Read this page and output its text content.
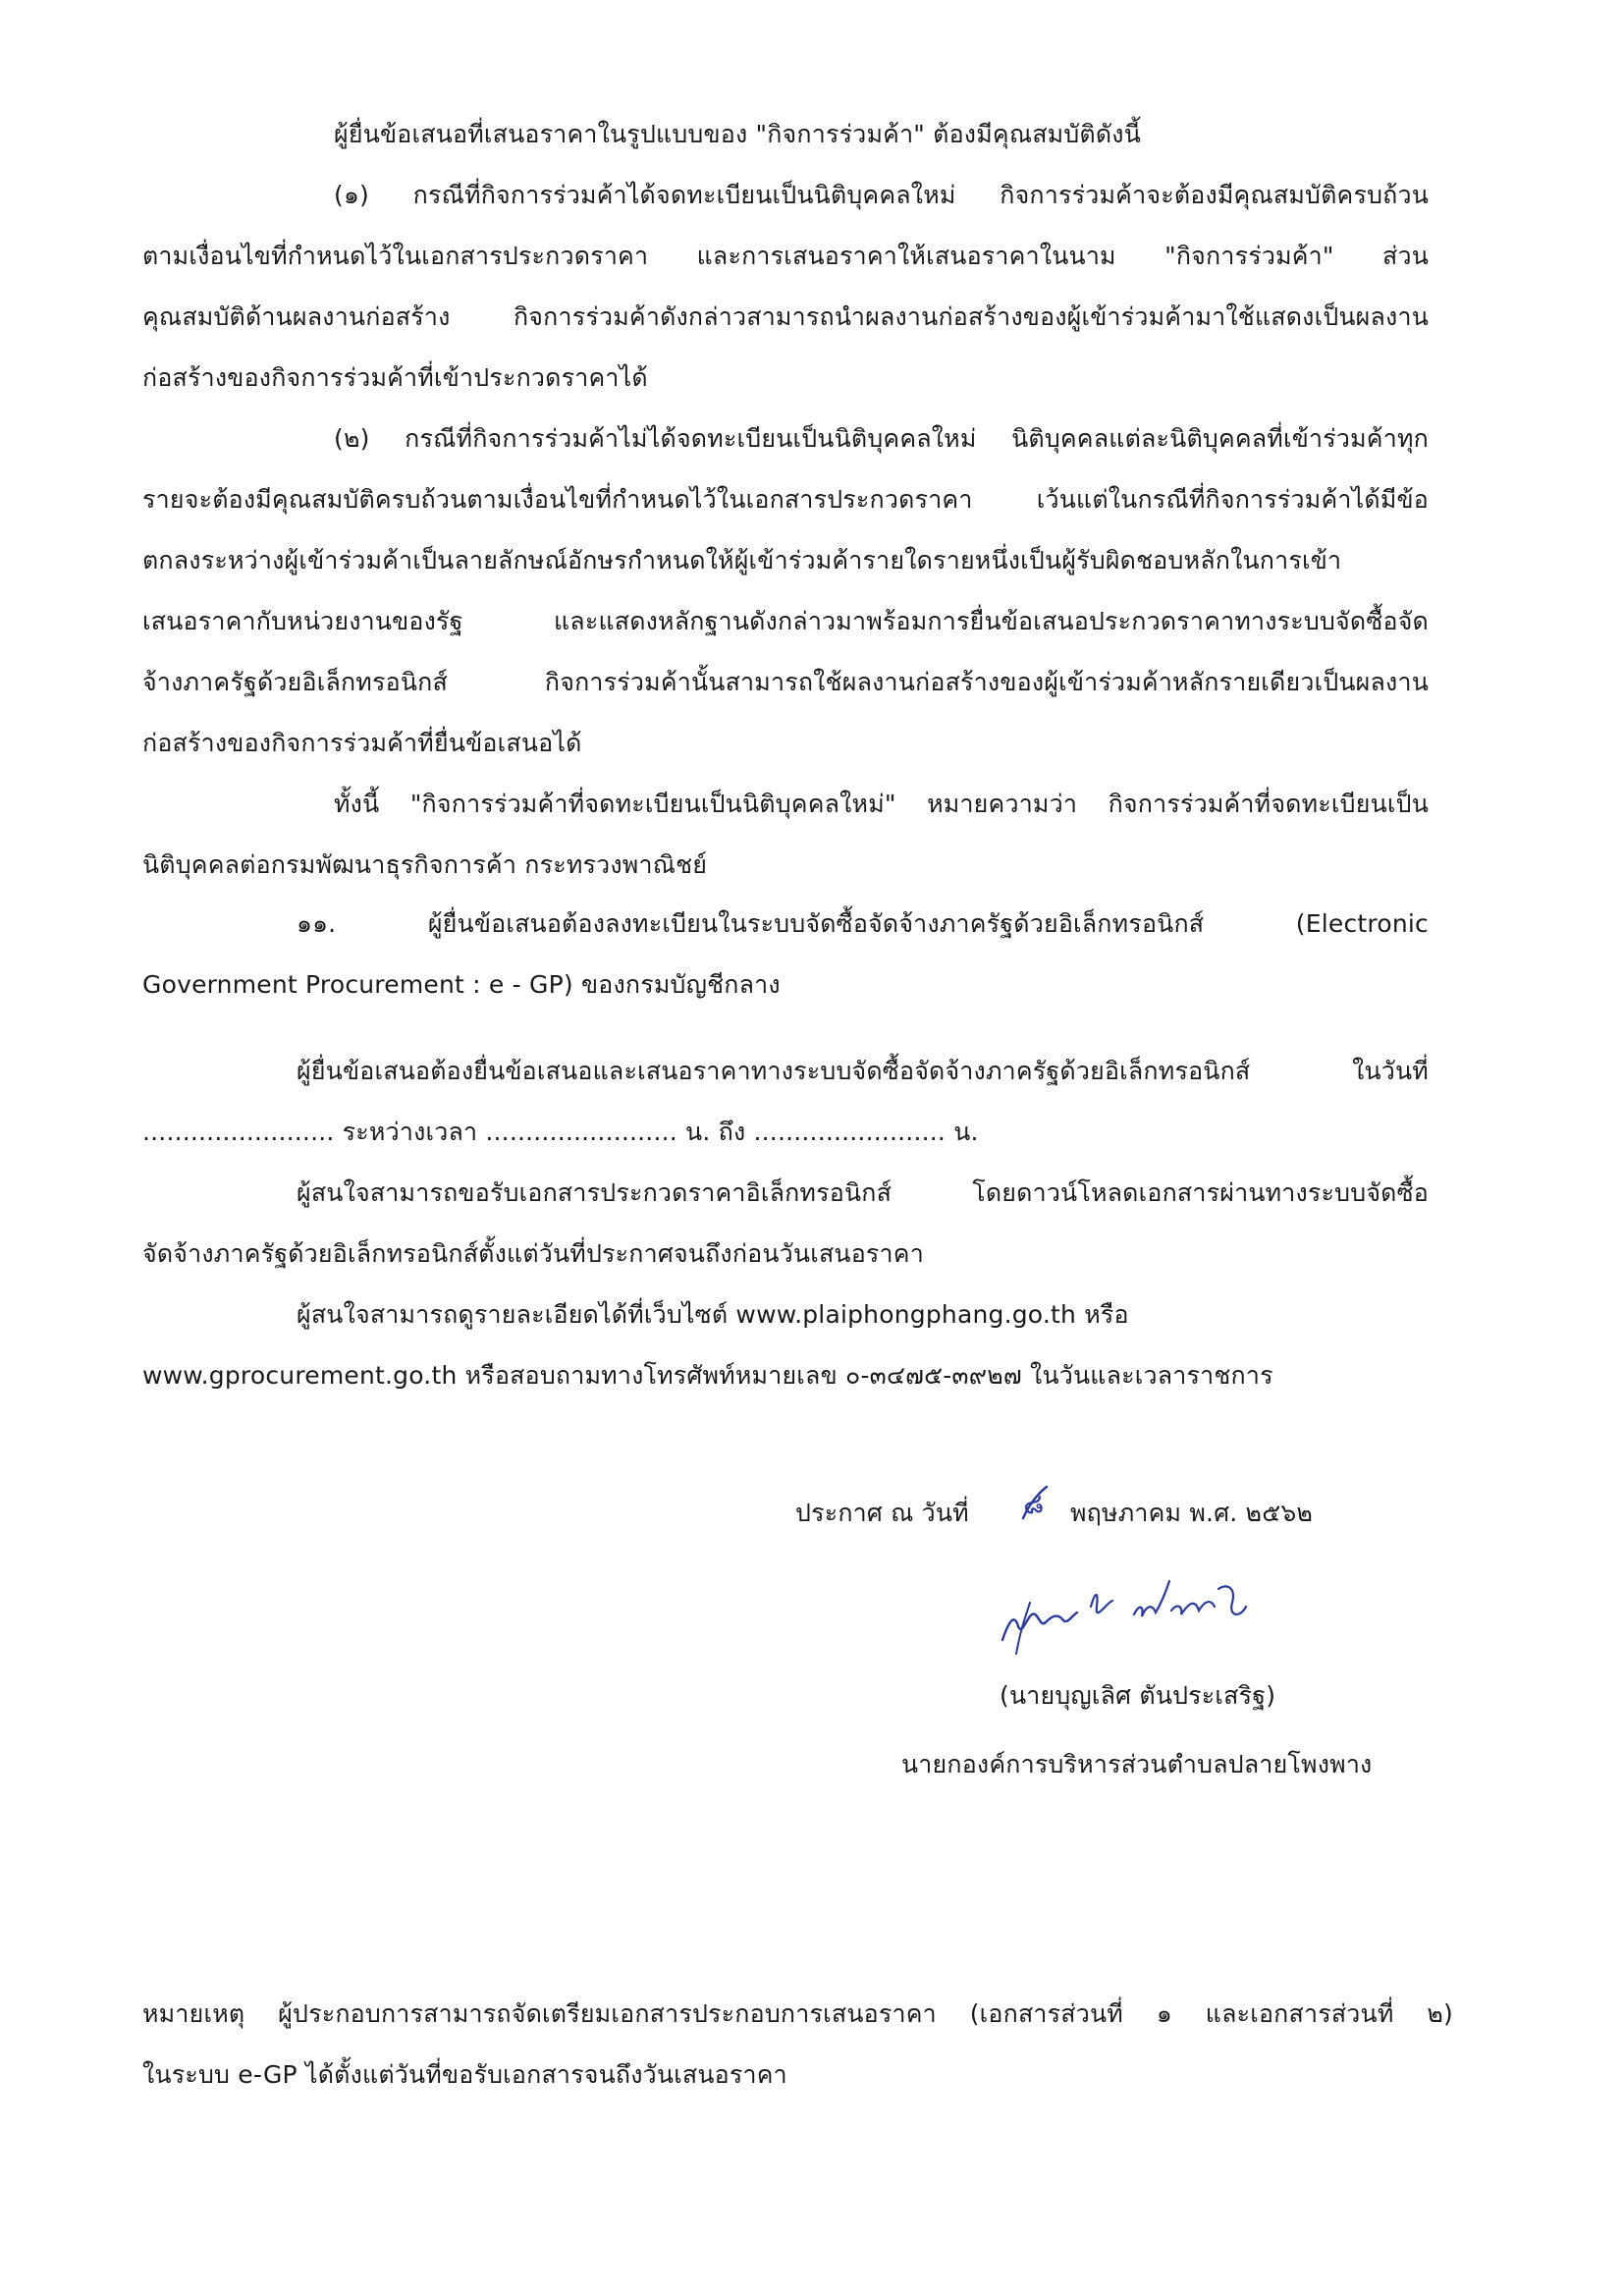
ผู้ยื่นข้อเสนอที่เสนอราคาในรูปแบบของ "กิจการร่วมค้า" ต้องมีคุณสมบัติดังนี้
(๑) กรณีที่กิจการร่วมค้าได้จดทะเบียนเป็นนิติบุคคลใหม่ กิจการร่วมค้าจะต้องมีคุณสมบัติครบถ้วน
ตามเงื่อนไขที่กำหนดไว้ในเอกสารประกวดราคา และการเสนอราคาให้เสนอราคาในนาม "กิจการร่วมค้า" ส่วน
คุณสมบัติด้านผลงานก่อสร้าง กิจการร่วมค้าดังกล่าวสามารถนำผลงานก่อสร้างของผู้เข้าร่วมค้ามาใช้แสดงเป็นผลงาน
ก่อสร้างของกิจการร่วมค้าที่เข้าประกวดราคาได้
(๒) กรณีที่กิจการร่วมค้าไม่ได้จดทะเบียนเป็นนิติบุคคลใหม่ นิติบุคคลแต่ละนิติบุคคลที่เข้าร่วมค้าทุก
รายจะต้องมีคุณสมบัติครบถ้วนตามเงื่อนไขที่กำหนดไว้ในเอกสารประกวดราคา เว้นแต่ในกรณีที่กิจการร่วมค้าได้มีข้อ
ตกลงระหว่างผู้เข้าร่วมค้าเป็นลายลักษณ์อักษรกำหนดให้ผู้เข้าร่วมค้ารายใดรายหนึ่งเป็นผู้รับผิดชอบหลักในการเข้า
เสนอราคากับหน่วยงานของรัฐ และแสดงหลักฐานดังกล่าวมาพร้อมการยื่นข้อเสนอประกวดราคาทางระบบจัดซื้อจัด
จ้างภาครัฐด้วยอิเล็กทรอนิกส์ กิจการร่วมค้านั้นสามารถใช้ผลงานก่อสร้างของผู้เข้าร่วมค้าหลักรายเดียวเป็นผลงาน
ก่อสร้างของกิจการร่วมค้าที่ยื่นข้อเสนอได้
ทั้งนี้ "กิจการร่วมค้าที่จดทะเบียนเป็นนิติบุคคลใหม่" หมายความว่า กิจการร่วมค้าที่จดทะเบียนเป็น
นิติบุคคลต่อกรมพัฒนาธุรกิจการค้า กระทรวงพาณิชย์
๑๑. ผู้ยื่นข้อเสนอต้องลงทะเบียนในระบบจัดซื้อจัดจ้างภาครัฐด้วยอิเล็กทรอนิกส์ (Electronic
Government Procurement : e - GP) ของกรมบัญชีกลาง
ผู้ยื่นข้อเสนอต้องยื่นข้อเสนอและเสนอราคาทางระบบจัดซื้อจัดจ้างภาครัฐด้วยอิเล็กทรอนิกส์ ในวันที่
........................ ระหว่างเวลา ........................ น. ถึง ........................ น.
ผู้สนใจสามารถขอรับเอกสารประกวดราคาอิเล็กทรอนิกส์ โดยดาวน์โหลดเอกสารผ่านทางระบบจัดซื้อ
จัดจ้างภาครัฐด้วยอิเล็กทรอนิกส์ตั้งแต่วันที่ประกาศจนถึงก่อนวันเสนอราคา
ผู้สนใจสามารถดูรายละเอียดได้ที่เว็บไซต์ www.plaiphongphang.go.th หรือ
www.gprocurement.go.th หรือสอบถามทางโทรศัพท์หมายเลข ๐-๓๔๗๕-๓๙๒๗ ในวันและเวลาราชการ
ประกาศ ณ วันที่ ๘ พฤษภาคม พ.ศ. ๒๕๖๒
(นายบุญเลิศ ตันประเสริฐ)
นายกองค์การบริหารส่วนตำบลปลายโพงพาง
หมายเหตุ ผู้ประกอบการสามารถจัดเตรียมเอกสารประกอบการเสนอราคา (เอกสารส่วนที่ ๑ และเอกสารส่วนที่ ๒)
ในระบบ e-GP ได้ตั้งแต่วันที่ขอรับเอกสารจนถึงวันเสนอราคา
